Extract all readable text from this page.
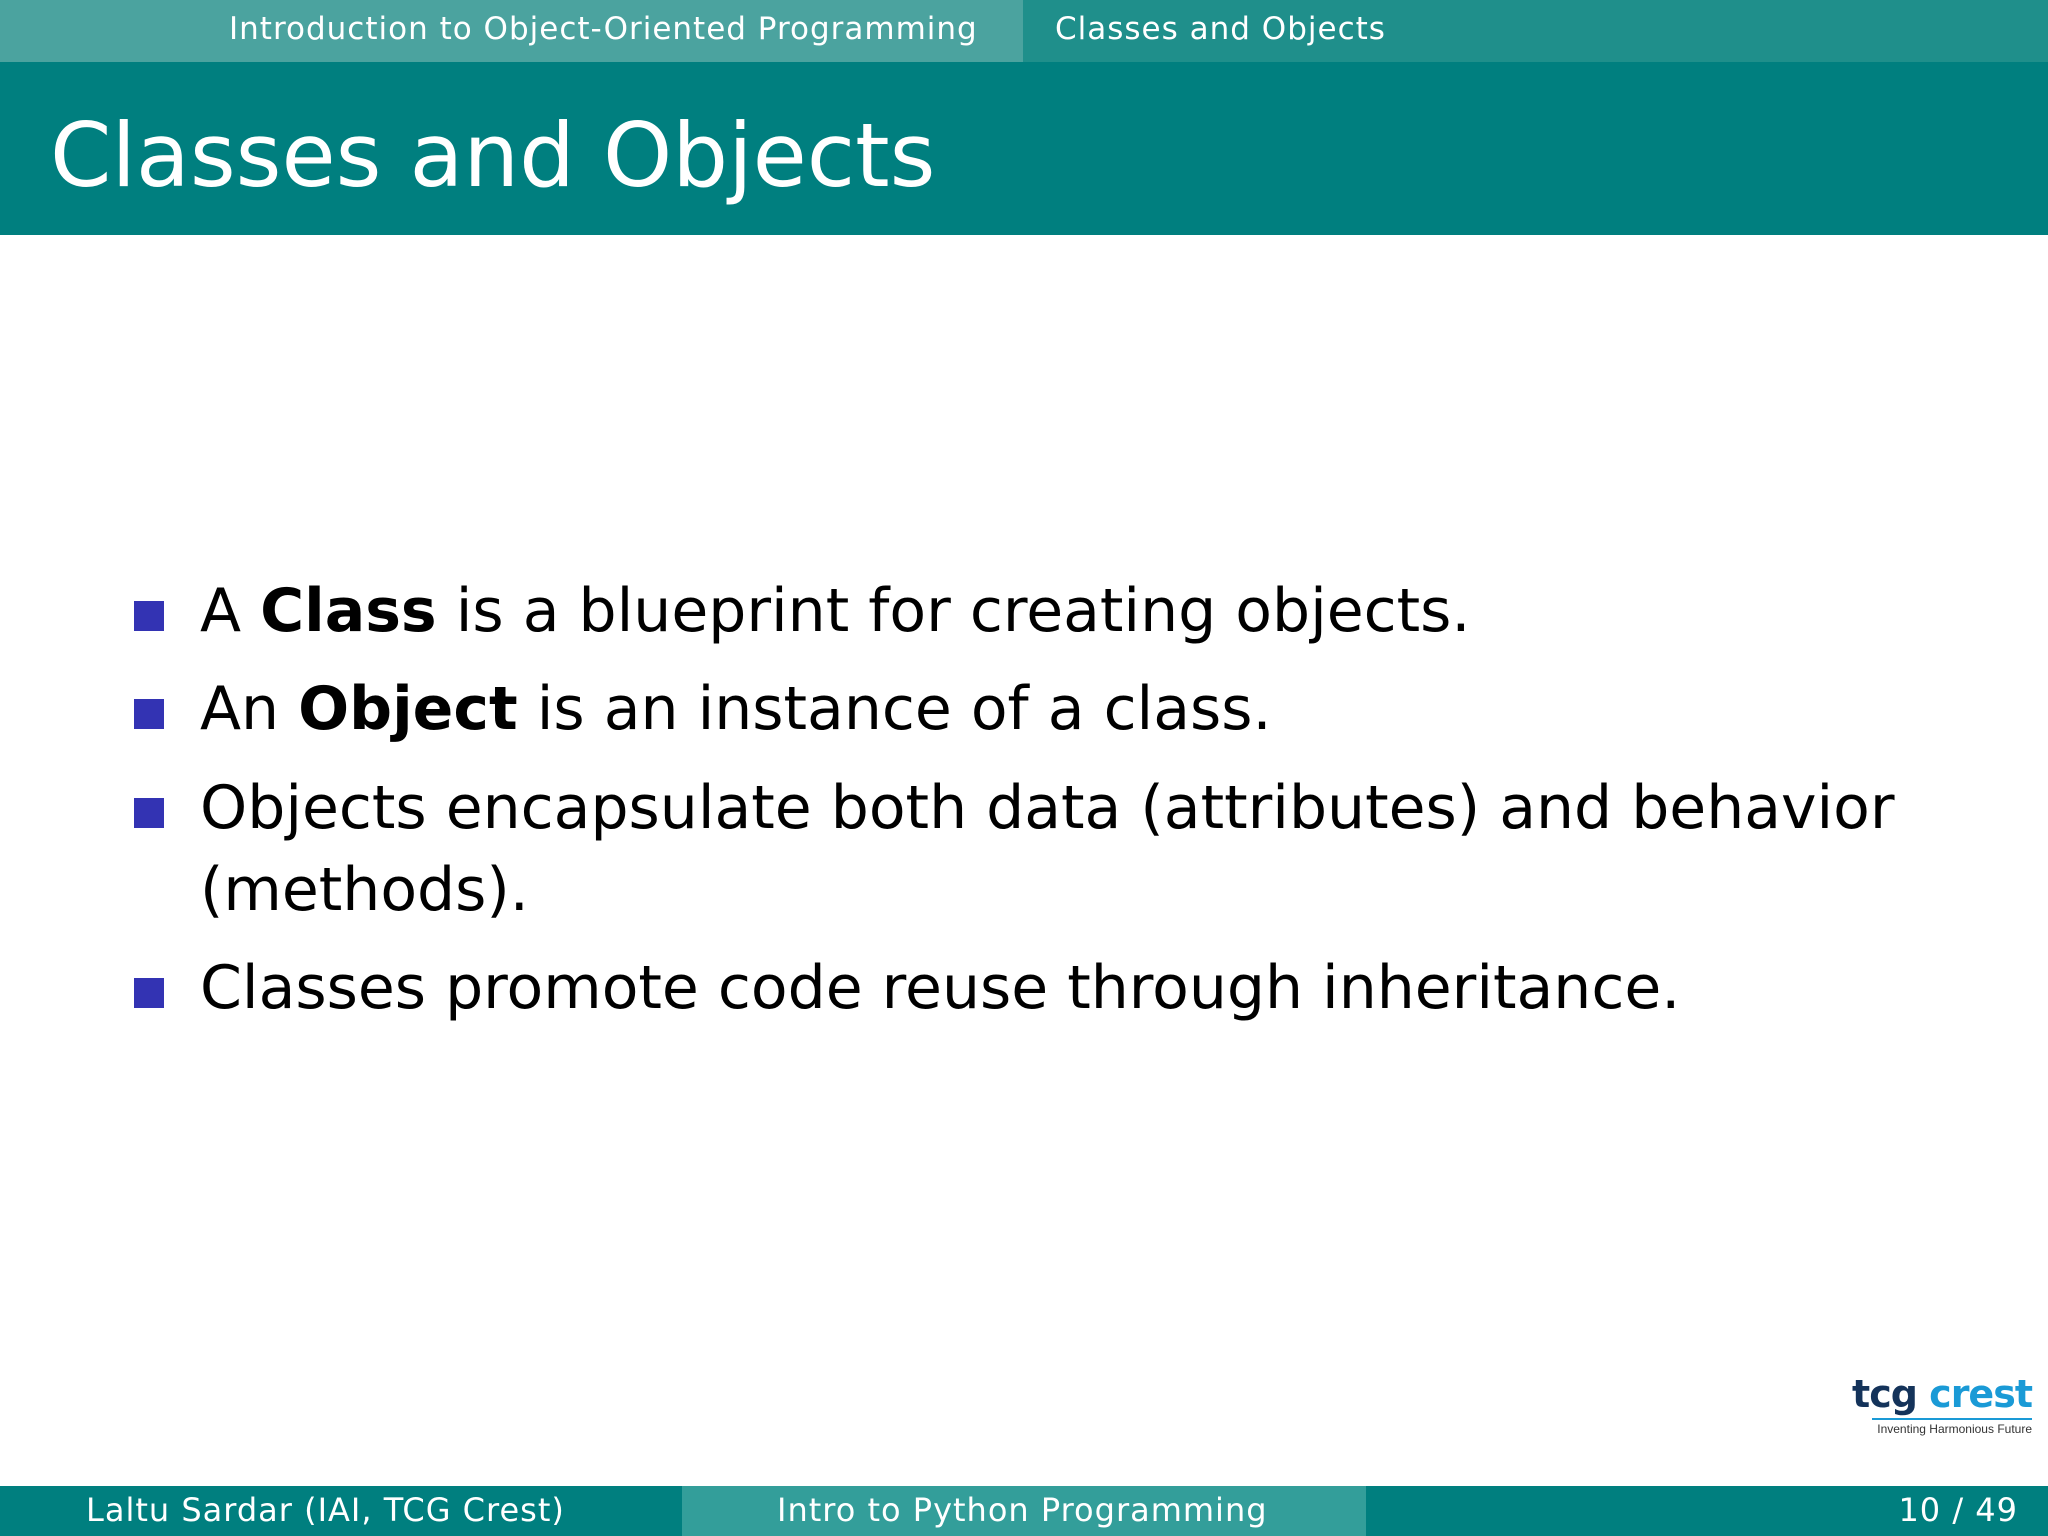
Introduction to Object-Oriented Programming Classes and Objects
Classes and Objects
A Class is a blueprint for creating objects.
An Object is an instance of a class.
Objects encapsulate both data (attributes) and behavior
(methods).
Classes promote code reuse through inheritance.
tcg crest
Inventing Harmonious Future
Laltu Sardar (IAI, TCG Crest)	Intro to Python Programming	10 / 49
